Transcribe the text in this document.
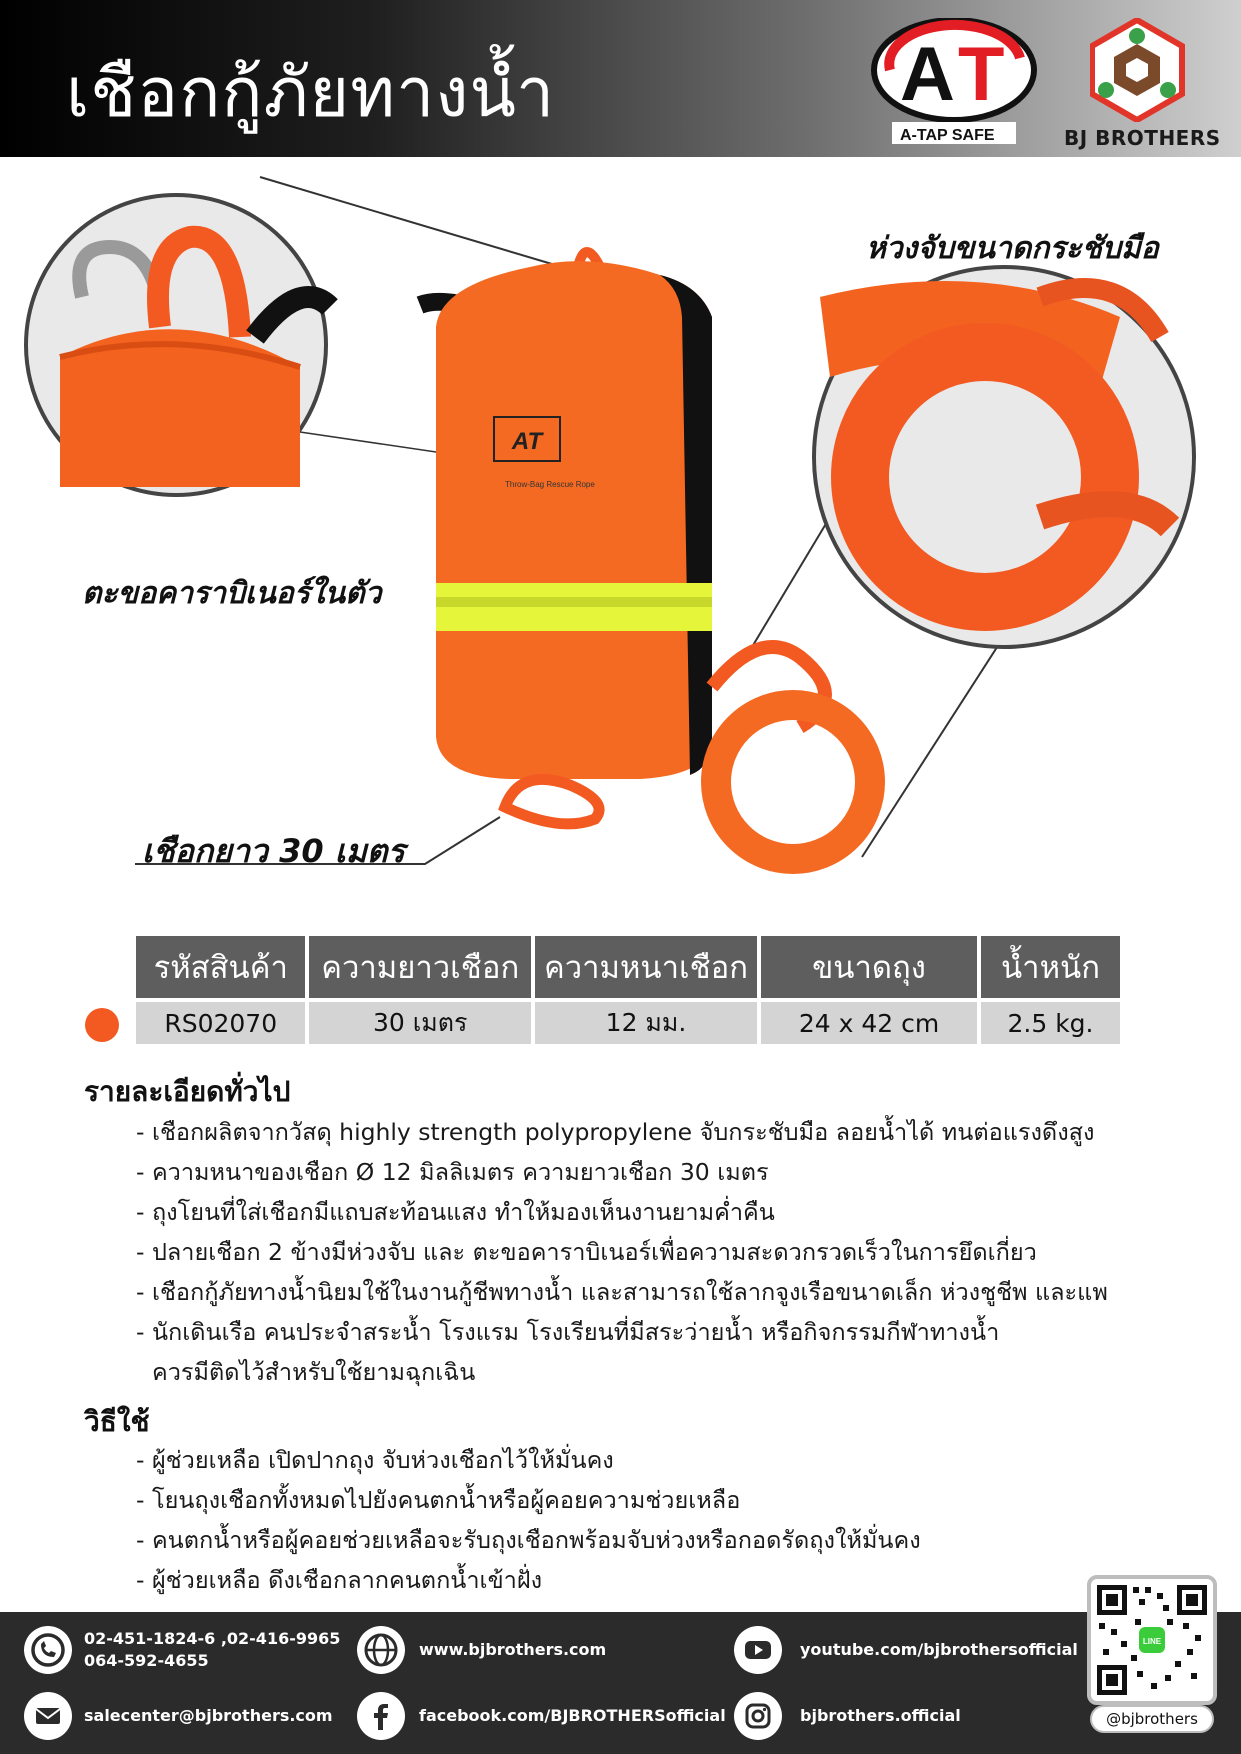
เชือกกู้ภัยทางน้ำ	A T
A-TAP SAFE	BJ BROTHERS
AT
Throw-Bag Rescue Rope
ห่วงจับขนาดกระชับมือ
ตะขอคาราบิเนอร์ในตัว
เชือกยาว 30 เมตร
รหัสสินค้า	ความยาวเชือก	ความหนาเชือก	ขนาดถุง	น้ำหนัก
RS02070	30 เมตร	12 มม.	24 x 42 cm	2.5 kg.
รายละเอียดทั่วไป
- เชือกผลิตจากวัสดุ highly strength polypropylene จับกระชับมือ ลอยน้ำได้ ทนต่อแรงดึงสูง
- ความหนาของเชือก Ø 12 มิลลิเมตร ความยาวเชือก 30 เมตร
- ถุงโยนที่ใส่เชือกมีแถบสะท้อนแสง ทำให้มองเห็นงานยามค่ำคืน
- ปลายเชือก 2 ข้างมีห่วงจับ และ ตะขอคาราบิเนอร์เพื่อความสะดวกรวดเร็วในการยึดเกี่ยว
- เชือกกู้ภัยทางน้ำนิยมใช้ในงานกู้ชีพทางน้ำ และสามารถใช้ลากจูงเรือขนาดเล็ก ห่วงชูชีพ และแพ
- นักเดินเรือ คนประจำสระน้ำ โรงแรม โรงเรียนที่มีสระว่ายน้ำ หรือกิจกรรมกีฬาทางน้ำ
ควรมีติดไว้สำหรับใช้ยามฉุกเฉิน
วิธีใช้
- ผู้ช่วยเหลือ เปิดปากถุง จับห่วงเชือกไว้ให้มั่นคง
- โยนถุงเชือกทั้งหมดไปยังคนตกน้ำหรือผู้คอยความช่วยเหลือ
- คนตกน้ำหรือผู้คอยช่วยเหลือจะรับถุงเชือกพร้อมจับห่วงหรือกอดรัดถุงให้มั่นคง
- ผู้ช่วยเหลือ ดึงเชือกลากคนตกน้ำเข้าฝั่ง
02-451-1824-6 ,02-416-9965
064-592-4655
www.bjbrothers.com	youtube.com/bjbrothersofficial
salecenter@bjbrothers.com	facebook.com/BJBROTHERSofficial	bjbrothers.official
LINE
@bjbrothers
